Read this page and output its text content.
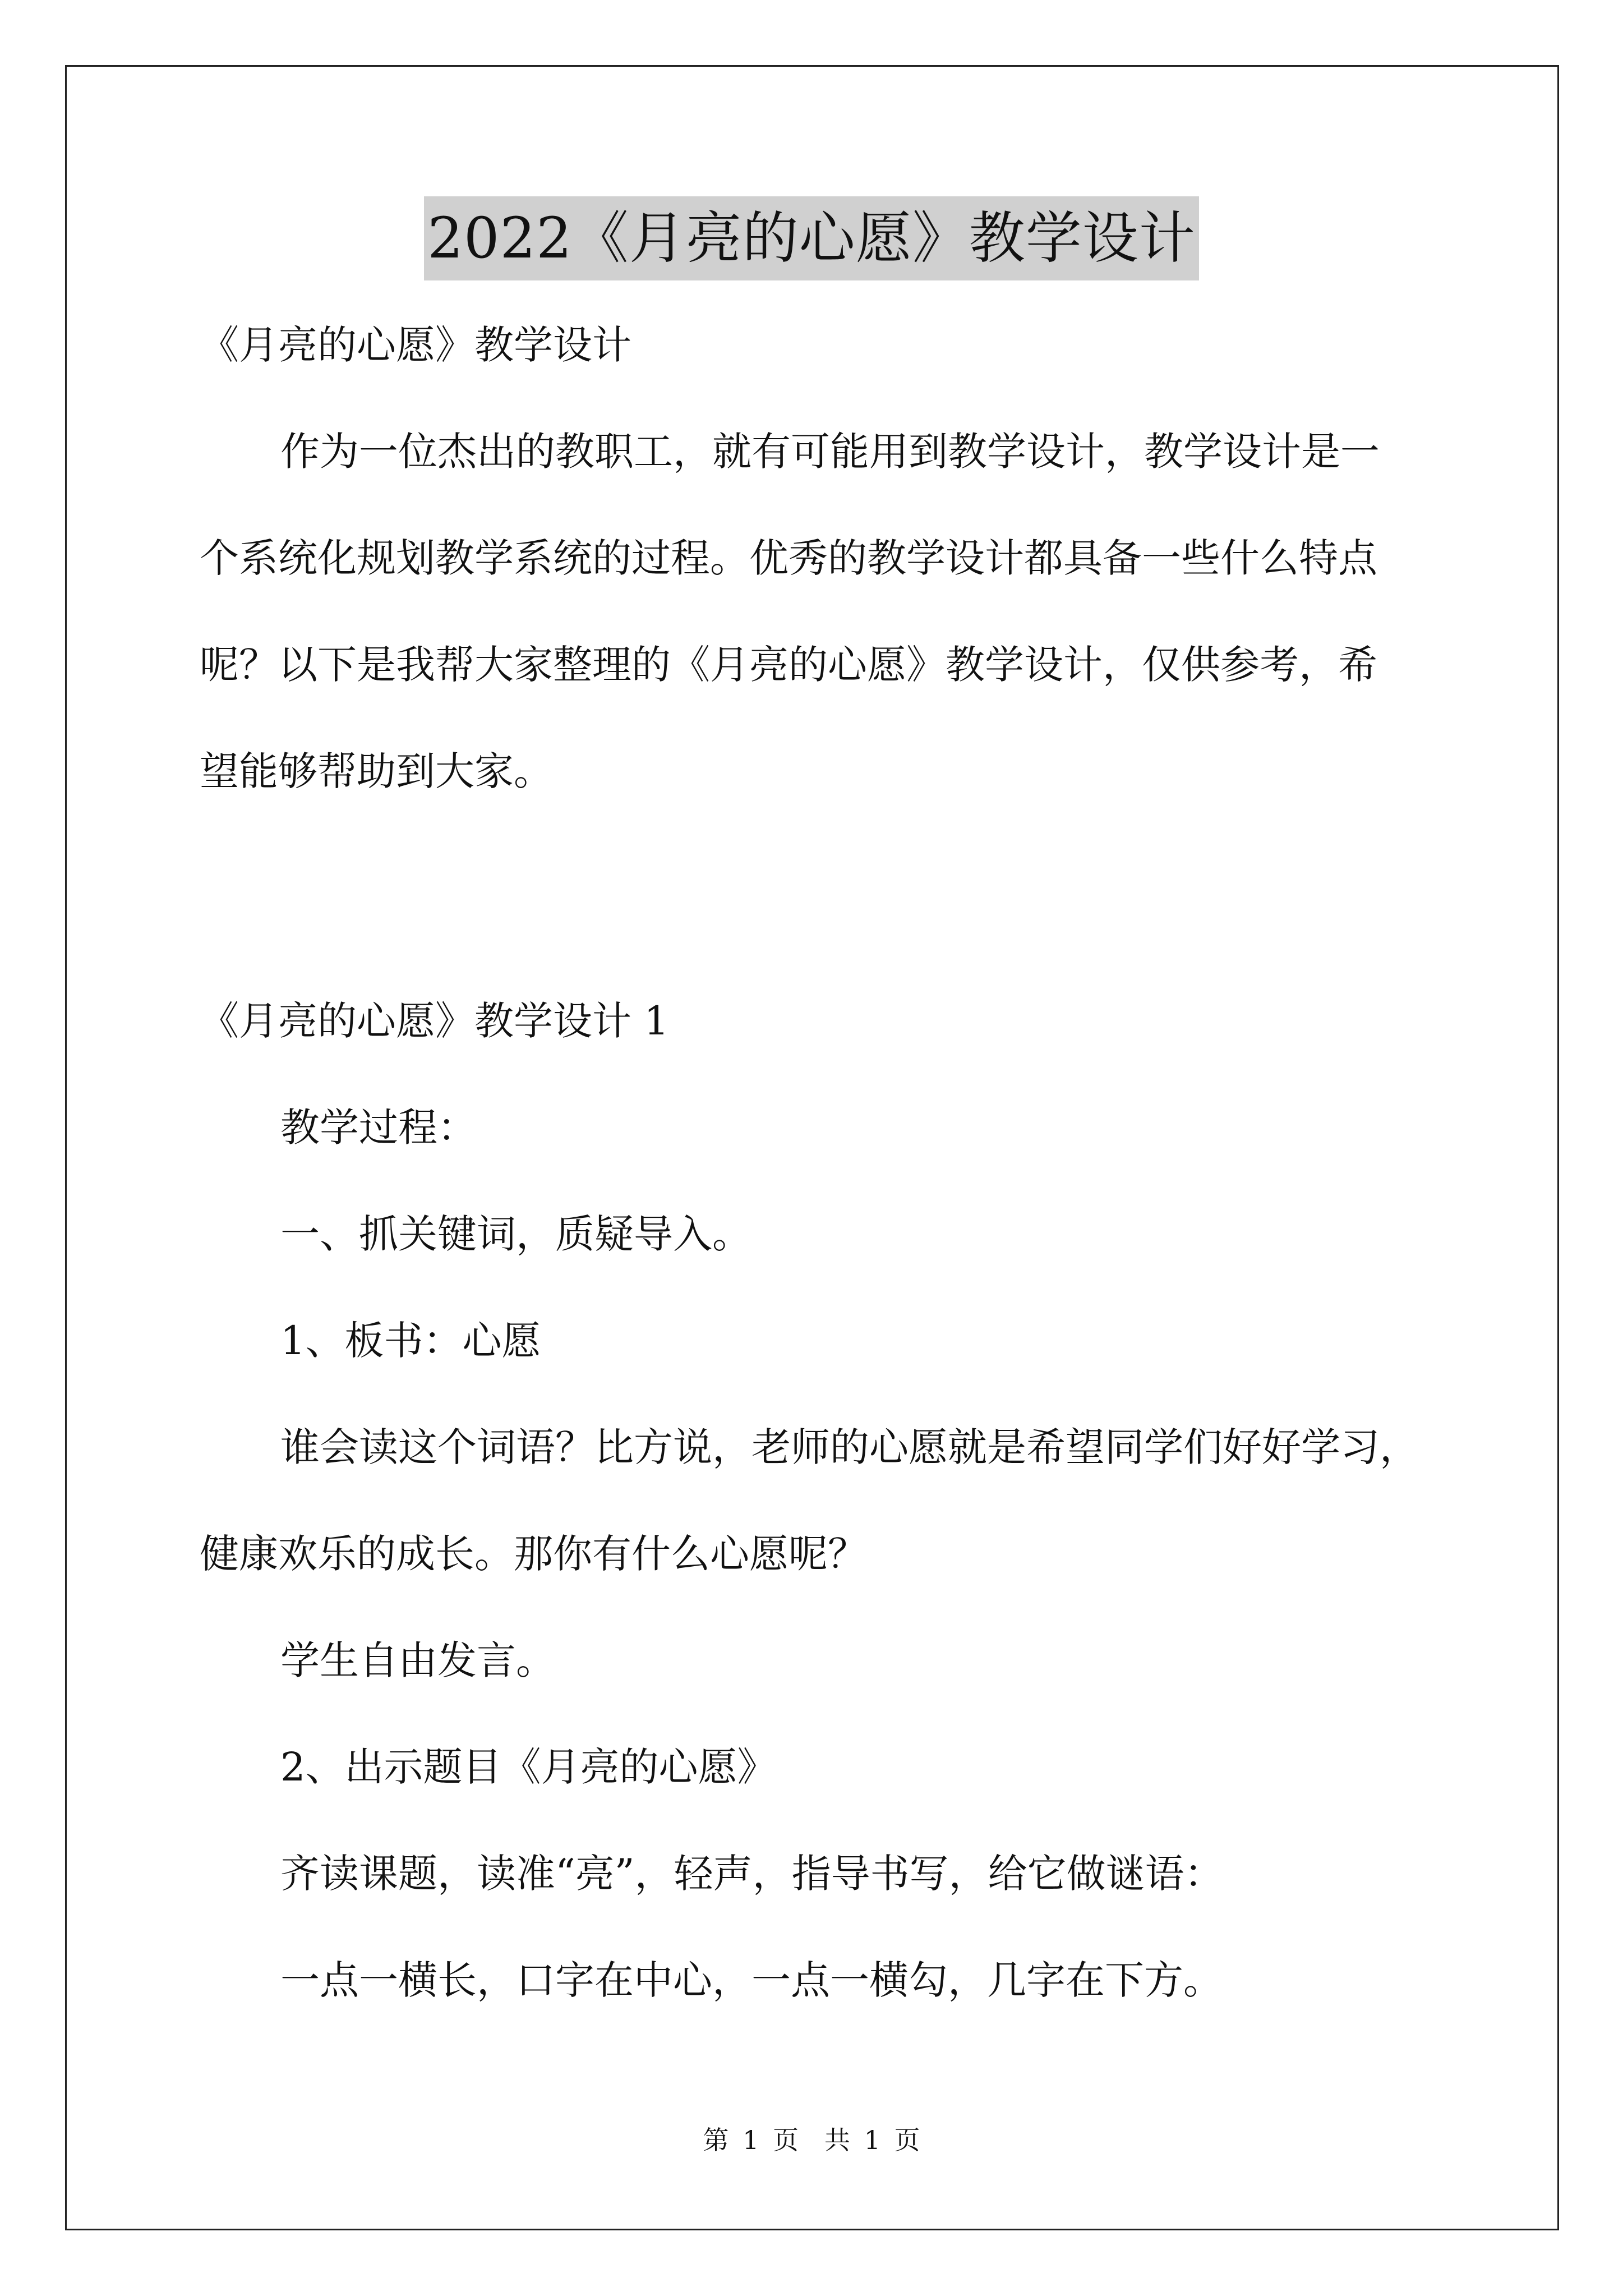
2022《月亮的心愿》教学设计
《月亮的心愿》教学设计
作为一位杰出的教职工，就有可能用到教学设计，教学设计是一
个系统化规划教学系统的过程。优秀的教学设计都具备一些什么特点
呢？以下是我帮大家整理的《月亮的心愿》教学设计，仅供参考，希
望能够帮助到大家。
《月亮的心愿》教学设计 1
教学过程：
一、抓关键词，质疑导入。
1、板书：心愿
谁会读这个词语？比方说，老师的心愿就是希望同学们好好学习，
健康欢乐的成长。那你有什么心愿呢？
学生自由发言。
2、出示题目《月亮的心愿》
齐读课题，读准“亮”，轻声，指导书写，给它做谜语：
一点一横长，口字在中心，一点一横勾，几字在下方。
第 1 页　共 1 页
